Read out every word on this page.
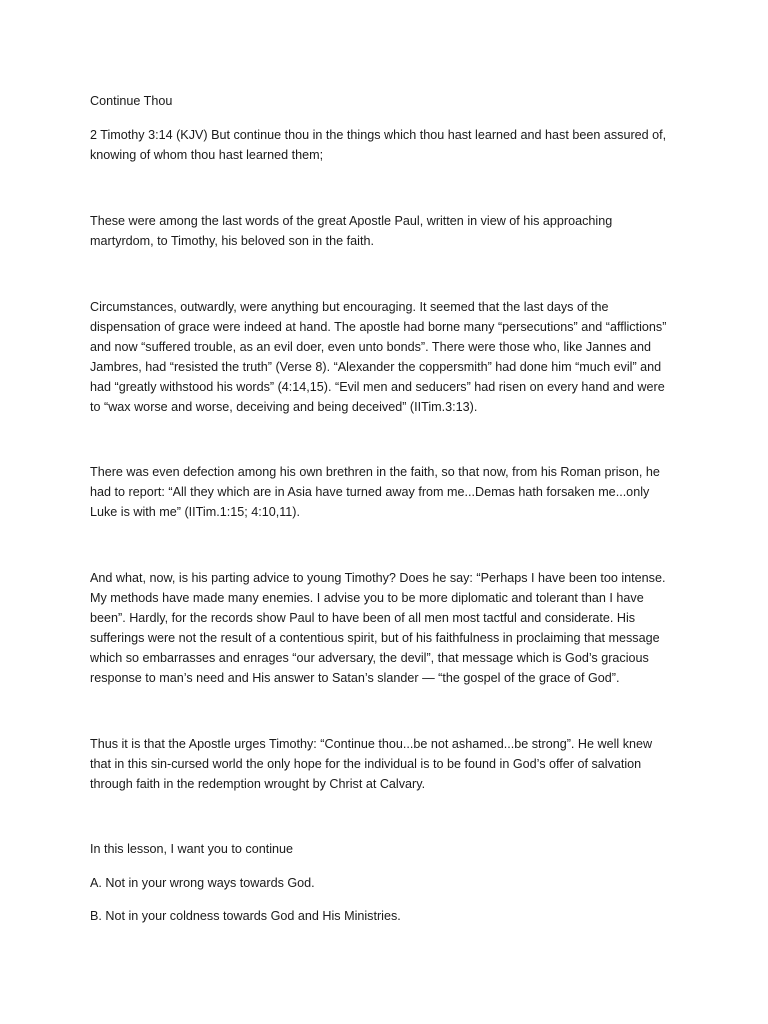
Continue Thou
2 Timothy 3:14 (KJV) But continue thou in the things which thou hast learned and hast been assured of,
knowing of whom thou hast learned them;
These were among the last words of the great Apostle Paul, written in view of his approaching
martyrdom, to Timothy, his beloved son in the faith.
Circumstances, outwardly, were anything but encouraging. It seemed that the last days of the
dispensation of grace were indeed at hand. The apostle had borne many “persecutions” and “afflictions”
and now “suffered trouble, as an evil doer, even unto bonds”. There were those who, like Jannes and
Jambres, had “resisted the truth” (Verse 8). “Alexander the coppersmith” had done him “much evil” and
had “greatly withstood his words” (4:14,15). “Evil men and seducers” had risen on every hand and were
to “wax worse and worse, deceiving and being deceived” (IITim.3:13).
There was even defection among his own brethren in the faith, so that now, from his Roman prison, he
had to report: “All they which are in Asia have turned away from me...Demas hath forsaken me...only
Luke is with me” (IITim.1:15; 4:10,11).
And what, now, is his parting advice to young Timothy? Does he say: “Perhaps I have been too intense.
My methods have made many enemies. I advise you to be more diplomatic and tolerant than I have
been”. Hardly, for the records show Paul to have been of all men most tactful and considerate. His
sufferings were not the result of a contentious spirit, but of his faithfulness in proclaiming that message
which so embarrasses and enrages “our adversary, the devil”, that message which is God’s gracious
response to man’s need and His answer to Satan’s slander — “the gospel of the grace of God”.
Thus it is that the Apostle urges Timothy: “Continue thou...be not ashamed...be strong”. He well knew
that in this sin-cursed world the only hope for the individual is to be found in God’s offer of salvation
through faith in the redemption wrought by Christ at Calvary.
In this lesson, I want you to continue
A. Not in your wrong ways towards God.
B. Not in your coldness towards God and His Ministries.
